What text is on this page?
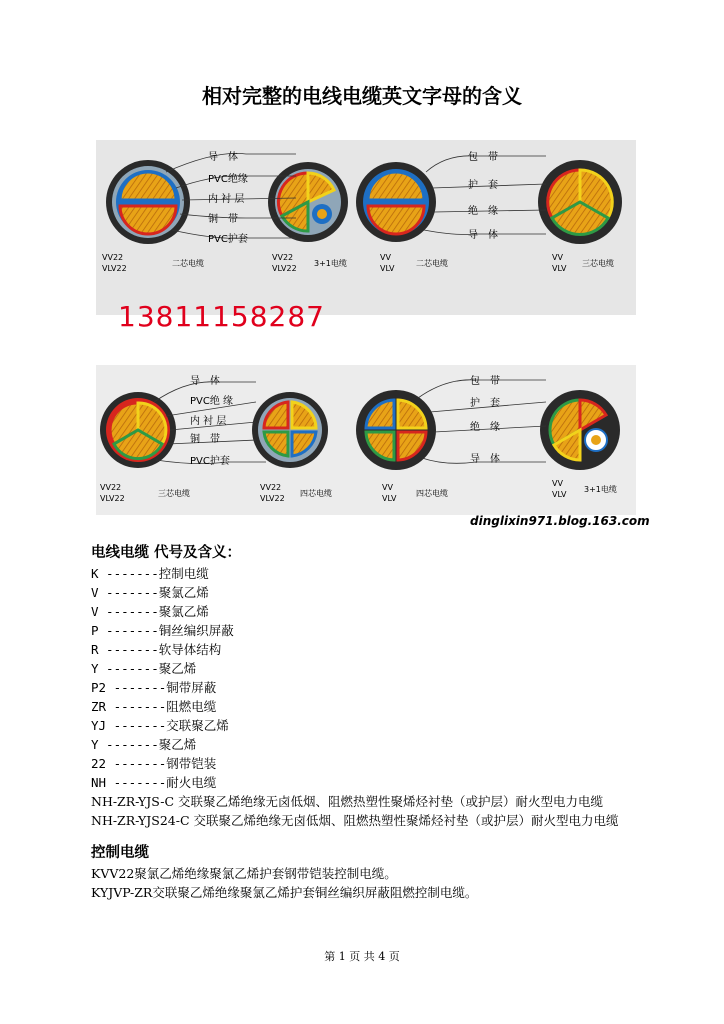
相对完整的电线电缆英文字母的含义
导　体
PVC绝缘
内 衬 层
铜　带
PVC护套
VV22
VLV22
二芯电缆
VV22
VLV22
3+1电缆
包　带
护　套
绝　缘
导　体
VV
VLV
二芯电缆
VV
VLV
三芯电缆
导　体
PVC绝 缘
内 衬 层
铜　带
PVC护套
VV22
VLV22
三芯电缆
VV22
VLV22
四芯电缆
包　带
护　套
绝　缘
导　体
VV
VLV
四芯电缆
VV
VLV
3+1电缆
13811158287
dinglixin971.blog.163.com
电线电缆 代号及含义：
K -------控制电缆
V -------聚氯乙烯
V -------聚氯乙烯
P -------铜丝编织屏蔽
R -------软导体结构
Y -------聚乙烯
P2 -------铜带屏蔽
ZR -------阻燃电缆
YJ -------交联聚乙烯
Y -------聚乙烯
22 -------钢带铠装
NH -------耐火电缆
NH-ZR-YJS-C 交联聚乙烯绝缘无卤低烟、阻燃热塑性聚烯烃衬垫（或护层）耐火型电力电缆
NH-ZR-YJS24-C 交联聚乙烯绝缘无卤低烟、阻燃热塑性聚烯烃衬垫（或护层）耐火型电力电缆
控制电缆
KVV22聚氯乙烯绝缘聚氯乙烯护套钢带铠装控制电缆。
KYJVP-ZR交联聚乙烯绝缘聚氯乙烯护套铜丝编织屏蔽阻燃控制电缆。
第 1 页 共 4 页
